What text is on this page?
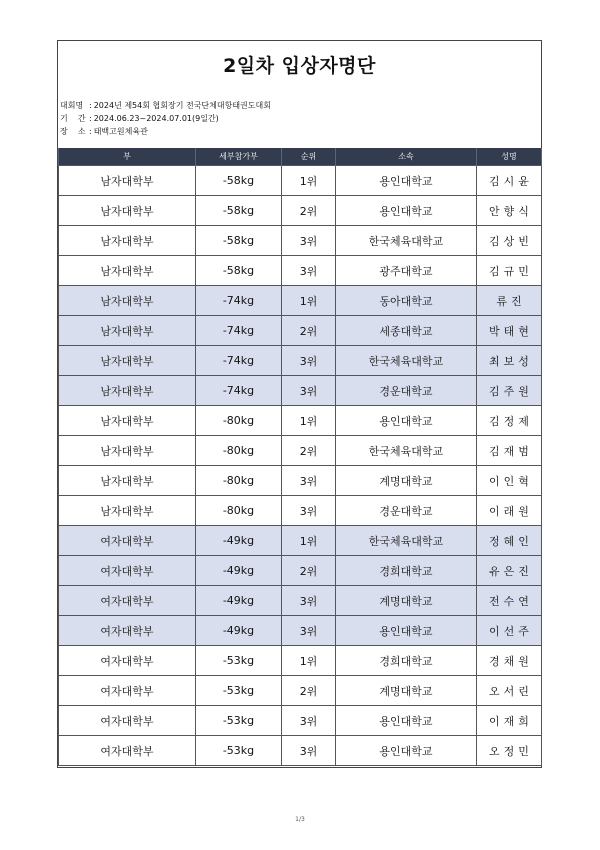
2일차 입상자명단
대회명 : 2024년 제54회 협회장기 전국단체대항태권도대회
기    간 : 2024.06.23~2024.07.01(9일간)
장    소 : 태백고원체육관
부	세부참가부	순위	소속	성명
남자대학부	-58kg	1위	용인대학교	김시윤
남자대학부	-58kg	2위	용인대학교	안향식
남자대학부	-58kg	3위	한국체육대학교	김상빈
남자대학부	-58kg	3위	광주대학교	김규민
남자대학부	-74kg	1위	동아대학교	류진
남자대학부	-74kg	2위	세종대학교	박태현
남자대학부	-74kg	3위	한국체육대학교	최보성
남자대학부	-74kg	3위	경운대학교	김주원
남자대학부	-80kg	1위	용인대학교	김정제
남자대학부	-80kg	2위	한국체육대학교	김재범
남자대학부	-80kg	3위	계명대학교	이인혁
남자대학부	-80kg	3위	경운대학교	이래원
여자대학부	-49kg	1위	한국체육대학교	정혜인
여자대학부	-49kg	2위	경희대학교	유은진
여자대학부	-49kg	3위	계명대학교	전수연
여자대학부	-49kg	3위	용인대학교	이선주
여자대학부	-53kg	1위	경희대학교	경채원
여자대학부	-53kg	2위	계명대학교	오서린
여자대학부	-53kg	3위	용인대학교	이재희
여자대학부	-53kg	3위	용인대학교	오정민
1/3
